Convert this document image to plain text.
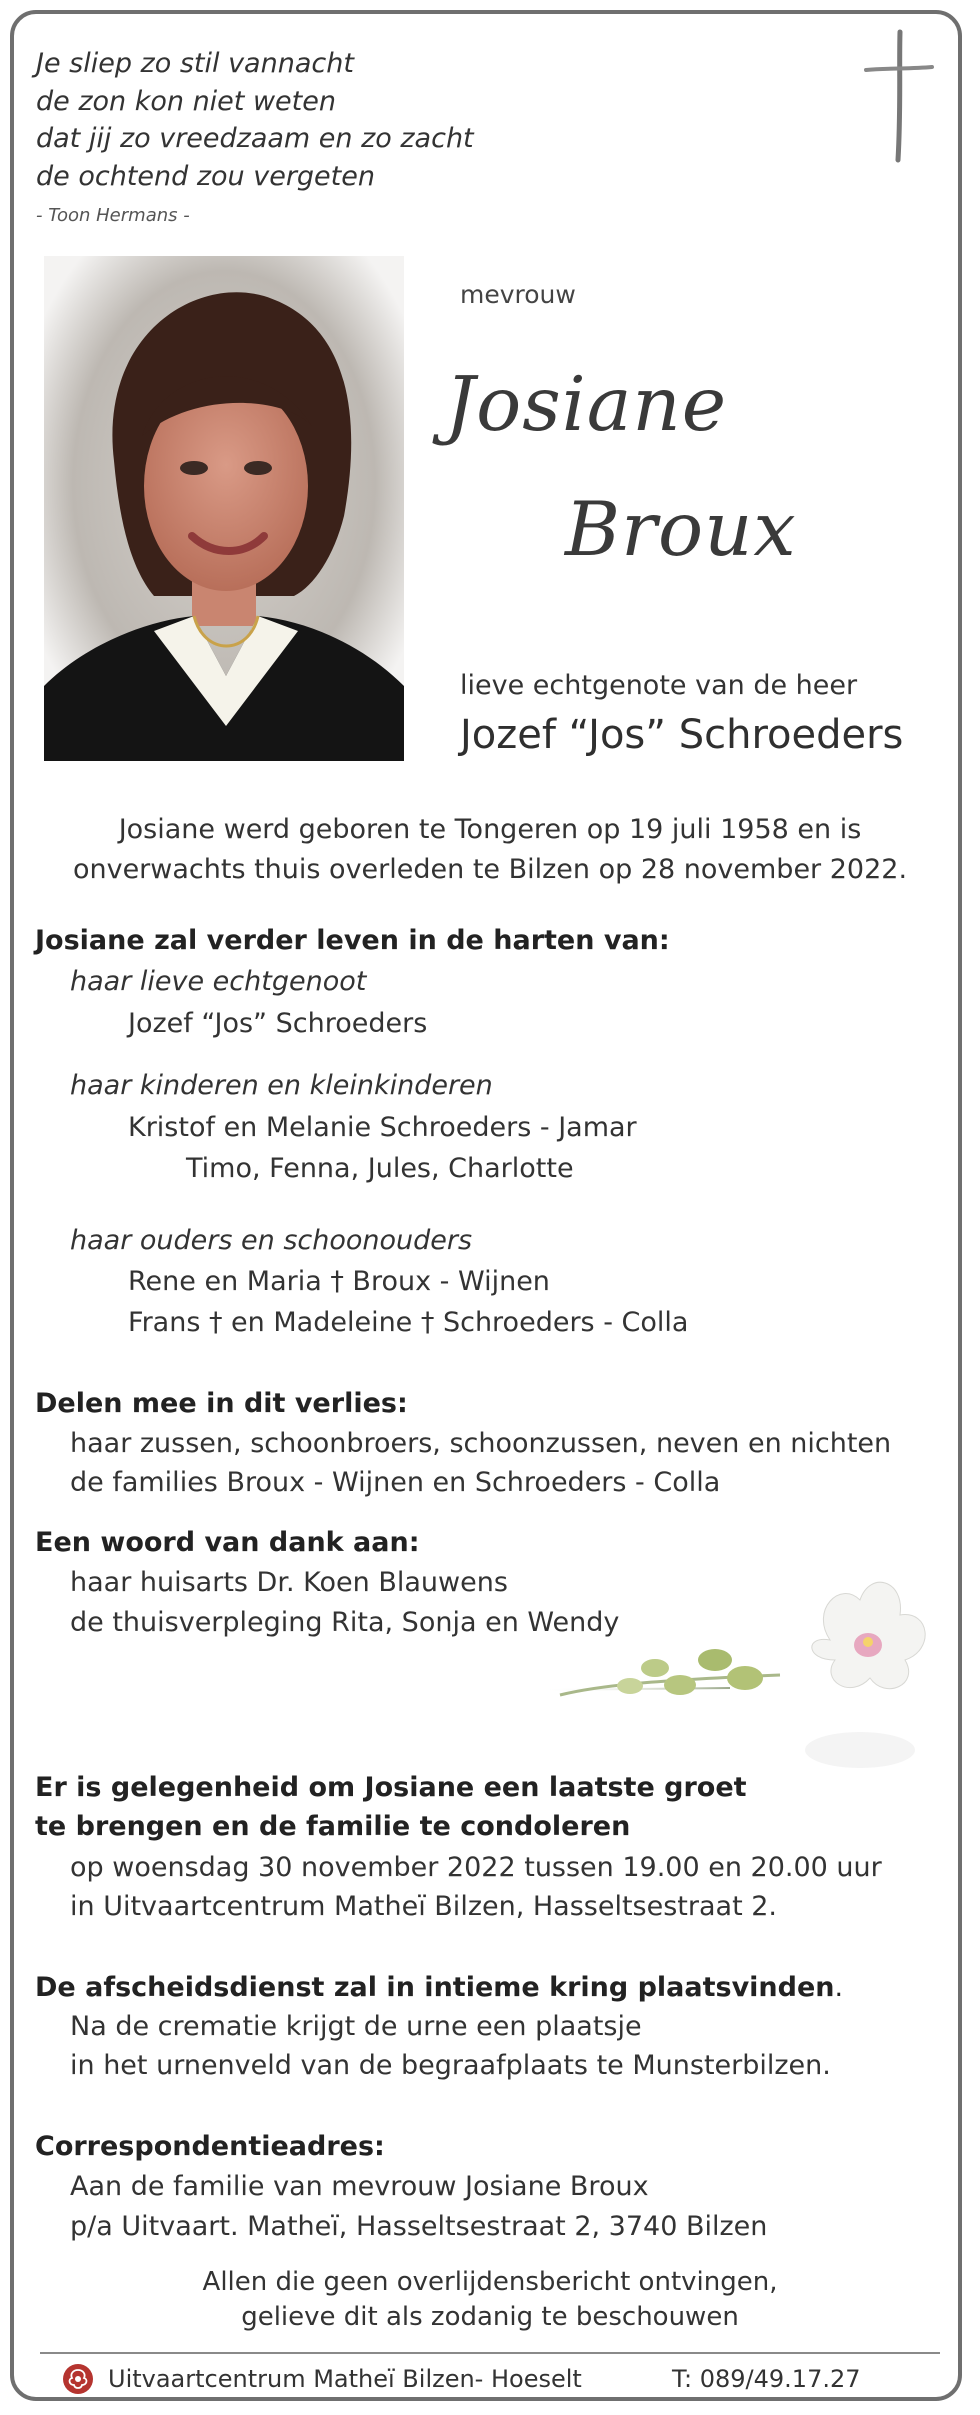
Je sliep zo stil vannacht
de zon kon niet weten
dat jij zo vreedzaam en zo zacht
de ochtend zou vergeten
- Toon Hermans -
mevrouw
Josiane
Broux
lieve echtgenote van de heer
Jozef “Jos” Schroeders
Josiane werd geboren te Tongeren op 19 juli 1958 en is
onverwachts thuis overleden te Bilzen op 28 november 2022.
Josiane zal verder leven in de harten van:
haar lieve echtgenoot
Jozef “Jos” Schroeders
haar kinderen en kleinkinderen
Kristof en Melanie Schroeders - Jamar
Timo, Fenna, Jules, Charlotte
haar ouders en schoonouders
Rene en Maria † Broux - Wijnen
Frans † en Madeleine † Schroeders - Colla
Delen mee in dit verlies:
haar zussen, schoonbroers, schoonzussen, neven en nichten
de families Broux - Wijnen en Schroeders - Colla
Een woord van dank aan:
haar huisarts Dr. Koen Blauwens
de thuisverpleging Rita, Sonja en Wendy
Er is gelegenheid om Josiane een laatste groet
te brengen en de familie te condoleren
op woensdag 30 november 2022 tussen 19.00 en 20.00 uur
in Uitvaartcentrum Matheï Bilzen, Hasseltsestraat 2.
De afscheidsdienst zal in intieme kring plaatsvinden.
Na de crematie krijgt de urne een plaatsje
in het urnenveld van de begraafplaats te Munsterbilzen.
Correspondentieadres:
Aan de familie van mevrouw Josiane Broux
p/a Uitvaart. Matheï, Hasseltsestraat 2, 3740 Bilzen
Allen die geen overlijdensbericht ontvingen,
gelieve dit als zodanig te beschouwen
Uitvaartcentrum Matheï Bilzen- Hoeselt	T: 089/49.17.27
